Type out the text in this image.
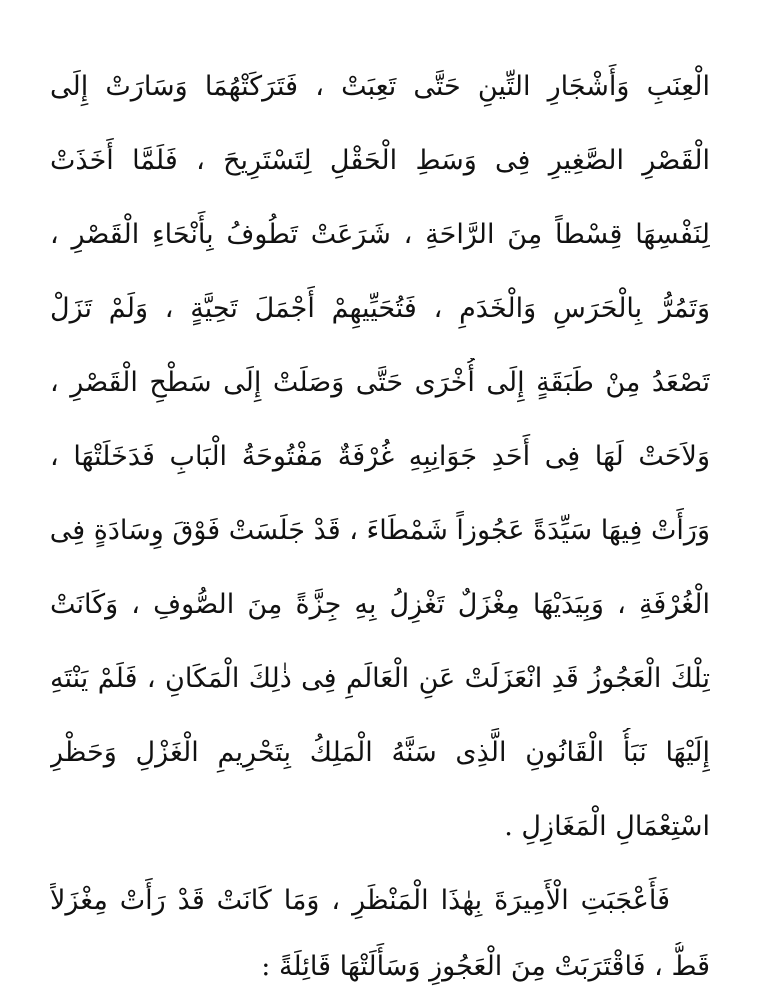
الْعِنَبِ وَأَشْجَارِ التِّينِ حَتَّى تَعِبَتْ ، فَتَرَكَتْهُمَا وَسَارَتْ إِلَى
الْقَصْرِ الصَّغِيرِ فِى وَسَطِ الْحَقْلِ لِتَسْتَرِيحَ ، فَلَمَّا أَخَذَتْ
لِنَفْسِهَا قِسْطاً مِنَ الرَّاحَةِ ، شَرَعَتْ تَطُوفُ بِأَنْحَاءِ الْقَصْرِ ،
وَتَمُرُّ بِالْحَرَسِ وَالْخَدَمِ ، فَتُحَيِّيهِمْ أَجْمَلَ تَحِيَّةٍ ، وَلَمْ تَزَلْ
تَصْعَدُ مِنْ طَبَقَةٍ إِلَى أُخْرَى حَتَّى وَصَلَتْ إِلَى سَطْحِ الْقَصْرِ ،
وَلاَحَتْ لَهَا فِى أَحَدِ جَوَانِبِهِ غُرْفَةٌ مَفْتُوحَةُ الْبَابِ فَدَخَلَتْهَا ،
وَرَأَتْ فِيهَا سَيِّدَةً عَجُوزاً شَمْطَاءَ ، قَدْ جَلَسَتْ فَوْقَ وِسَادَةٍ فِى
الْغُرْفَةِ ، وَبِيَدَيْهَا مِغْزَلٌ تَغْزِلُ بِهِ جِزَّةً مِنَ الصُّوفِ ، وَكَانَتْ
تِلْكَ الْعَجُوزُ قَدِ انْعَزَلَتْ عَنِ الْعَالَمِ فِى ذٰلِكَ الْمَكَانِ ، فَلَمْ يَنْتَهِ
إِلَيْهَا نَبَأُ الْقَانُونِ الَّذِى سَنَّهُ الْمَلِكُ بِتَحْرِيمِ الْغَزْلِ وَحَظْرِ
اسْتِعْمَالِ الْمَغَازِلِ .
فَأَعْجَبَتِ الْأَمِيرَةَ بِهٰذَا الْمَنْظَرِ ، وَمَا كَانَتْ قَدْ رَأَتْ مِغْزَلاً
قَطُّ ، فَاقْتَرَبَتْ مِنَ الْعَجُوزِ وَسَأَلَتْهَا قَائِلَةً :
